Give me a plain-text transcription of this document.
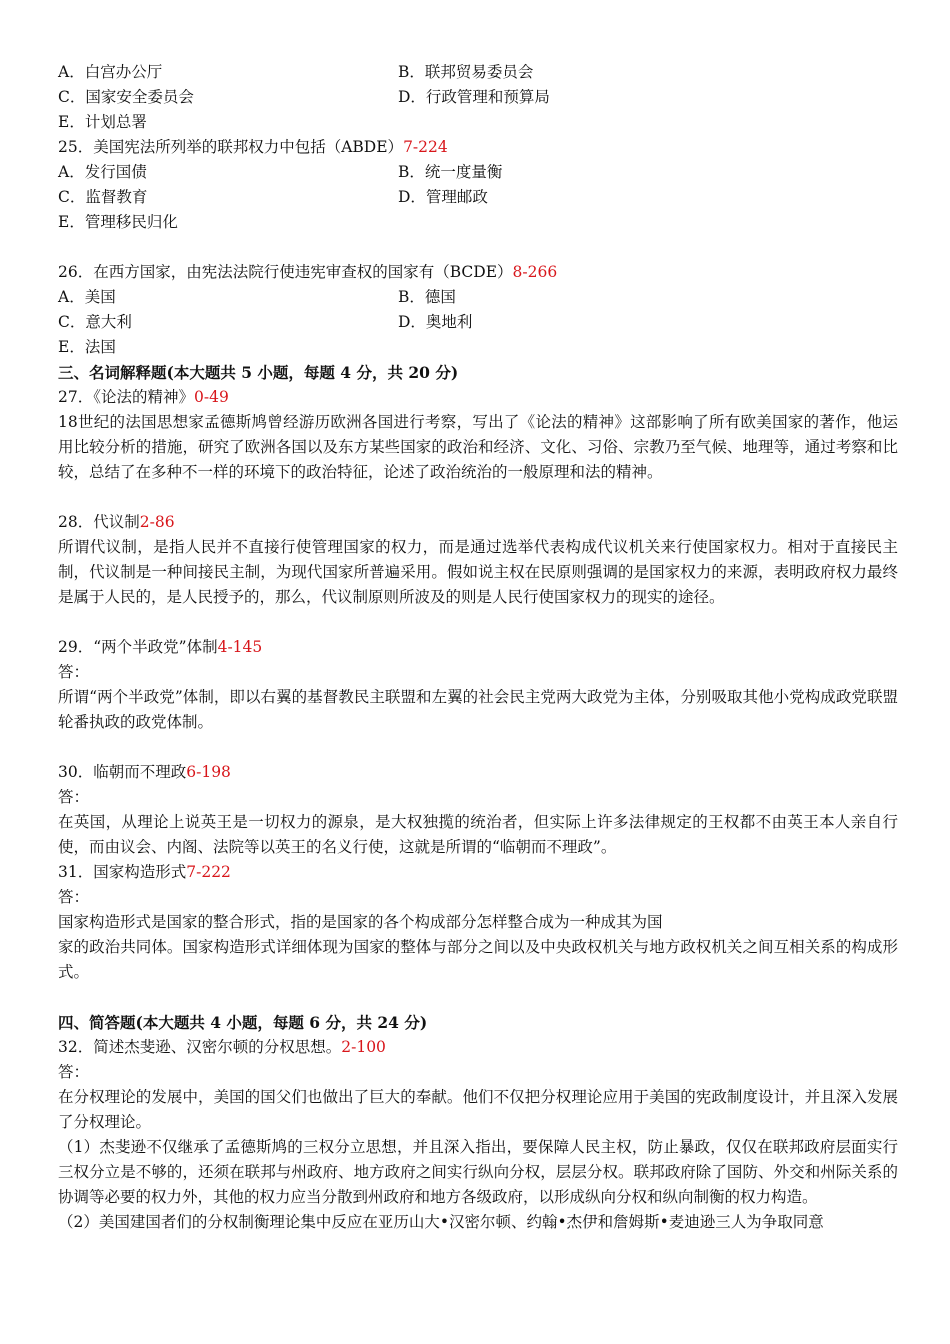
A．白宫办公厅	B．联邦贸易委员会
C．国家安全委员会	D．行政管理和预算局
E．计划总署
25．美国宪法所列举的联邦权力中包括（ABDE）7-224
A．发行国债	B．统一度量衡
C．监督教育	D．管理邮政
E．管理移民归化
26．在西方国家，由宪法法院行使违宪审查权的国家有（BCDE）8-266
A．美国	B．德国
C．意大利	D．奥地利
E．法国
三、名词解释题(本大题共 5 小题，每题 4 分，共 20 分)
27．《论法的精神》0-49
18世纪的法国思想家孟德斯鸠曾经游历欧洲各国进行考察，写出了《论法的精神》这部影响了所有欧美国家的著作，他运用比较分析的措施，研究了欧洲各国以及东方某些国家的政治和经济、文化、习俗、宗教乃至气候、地理等，通过考察和比较，总结了在多种不一样的环境下的政治特征，论述了政治统治的一般原理和法的精神。
28．代议制2-86
所谓代议制，是指人民并不直接行使管理国家的权力，而是通过选举代表构成代议机关来行使国家权力。相对于直接民主制，代议制是一种间接民主制，为现代国家所普遍采用。假如说主权在民原则强调的是国家权力的来源，表明政府权力最终是属于人民的，是人民授予的，那么，代议制原则所波及的则是人民行使国家权力的现实的途径。
29．“两个半政党”体制4-145
答：
所谓“两个半政党”体制，即以右翼的基督教民主联盟和左翼的社会民主党两大政党为主体，分别吸取其他小党构成政党联盟轮番执政的政党体制。
30．临朝而不理政6-198
答：
在英国，从理论上说英王是一切权力的源泉，是大权独揽的统治者，但实际上许多法律规定的王权都不由英王本人亲自行使，而由议会、内阁、法院等以英王的名义行使，这就是所谓的“临朝而不理政”。
31．国家构造形式7-222
答：
国家构造形式是国家的整合形式，指的是国家的各个构成部分怎样整合成为一种成其为国
家的政治共同体。国家构造形式详细体现为国家的整体与部分之间以及中央政权机关与地方政权机关之间互相关系的构成形式。
四、简答题(本大题共 4 小题，每题 6 分，共 24 分)
32．简述杰斐逊、汉密尔顿的分权思想。2-100
答：
在分权理论的发展中，美国的国父们也做出了巨大的奉献。他们不仅把分权理论应用于美国的宪政制度设计，并且深入发展了分权理论。
（1）杰斐逊不仅继承了孟德斯鸠的三权分立思想，并且深入指出，要保障人民主权，防止暴政，仅仅在联邦政府层面实行三权分立是不够的，还须在联邦与州政府、地方政府之间实行纵向分权，层层分权。联邦政府除了国防、外交和州际关系的协调等必要的权力外，其他的权力应当分散到州政府和地方各级政府，以形成纵向分权和纵向制衡的权力构造。
（2）美国建国者们的分权制衡理论集中反应在亚历山大•汉密尔顿、约翰•杰伊和詹姆斯•麦迪逊三人为争取同意
